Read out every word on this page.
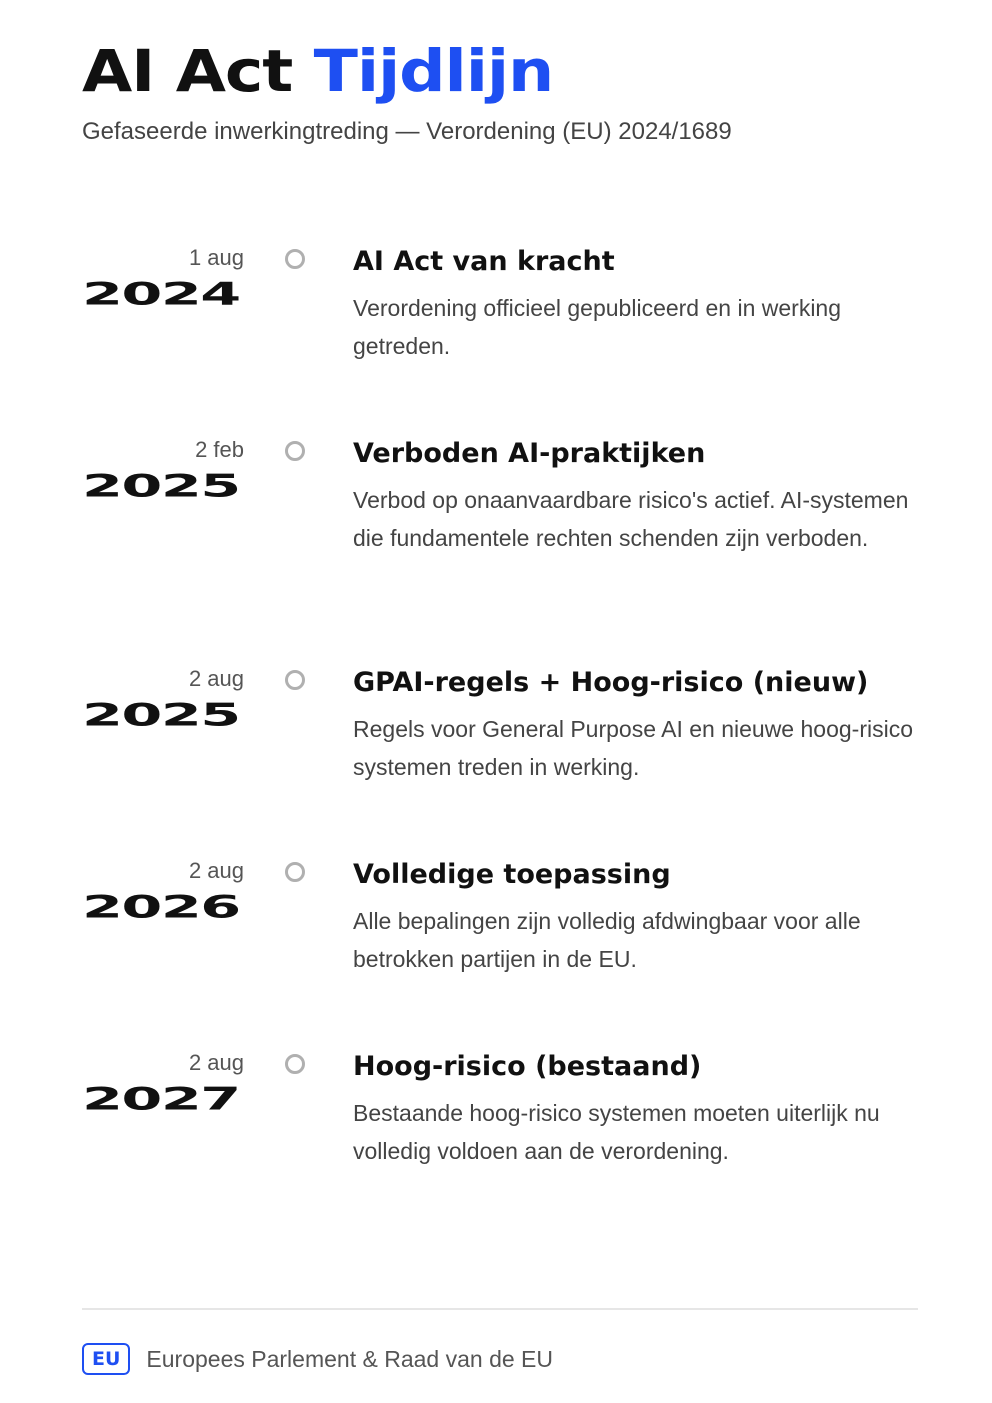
AI Act Tijdlijn
Gefaseerde inwerkingtreding — Verordening (EU) 2024/1689
1 aug
2024
AI Act van kracht
Verordening officieel gepubliceerd en in werking getreden.
2 feb
2025
Verboden AI-praktijken
Verbod op onaanvaardbare risico's actief. AI-systemen die fundamentele rechten schenden zijn verboden.
2 aug
2025
GPAI-regels + Hoog-risico (nieuw)
Regels voor General Purpose AI en nieuwe hoog-risico systemen treden in werking.
2 aug
2026
Volledige toepassing
Alle bepalingen zijn volledig afdwingbaar voor alle betrokken partijen in de EU.
2 aug
2027
Hoog-risico (bestaand)
Bestaande hoog-risico systemen moeten uiterlijk nu volledig voldoen aan de verordening.
EU	Europees Parlement & Raad van de EU
